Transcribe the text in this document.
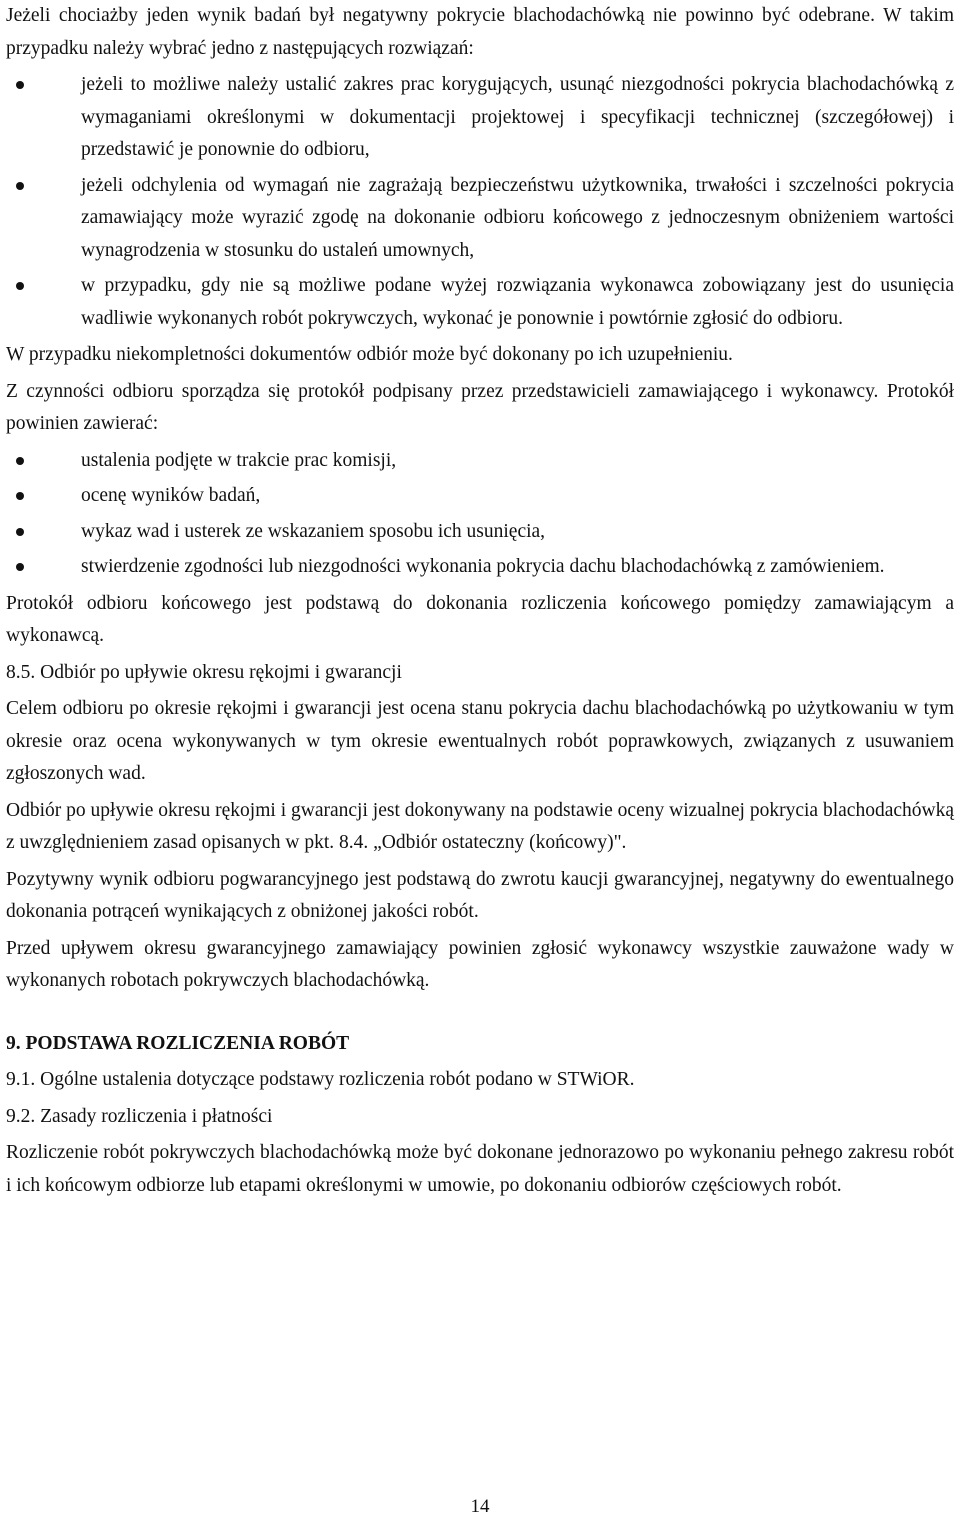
Jeżeli chociażby jeden wynik badań był negatywny pokrycie blachodachówką nie powinno być odebrane. W takim przypadku należy wybrać jedno z następujących rozwiązań:

jeżeli to możliwe należy ustalić zakres prac korygujących, usunąć niezgodności pokrycia blachodachówką z wymaganiami określonymi w dokumentacji projektowej i specyfikacji technicznej (szczegółowej) i przedstawić je ponownie do odbioru,
jeżeli odchylenia od wymagań nie zagrażają bezpieczeństwu użytkownika, trwałości i szczelności pokrycia zamawiający może wyrazić zgodę na dokonanie odbioru końcowego z jednoczesnym obniżeniem wartości wynagrodzenia w stosunku do ustaleń umownych,
w przypadku, gdy nie są możliwe podane wyżej rozwiązania wykonawca zobowiązany jest do usunięcia wadliwie wykonanych robót pokrywczych, wykonać je ponownie i powtórnie zgłosić do odbioru.

W przypadku niekompletności dokumentów odbiór może być dokonany po ich uzupełnieniu.

Z czynności odbioru sporządza się protokół podpisany przez przedstawicieli zamawiającego i wykonawcy. Protokół powinien zawierać:

ustalenia podjęte w trakcie prac komisji,
ocenę wyników badań,
wykaz wad i usterek ze wskazaniem sposobu ich usunięcia,
stwierdzenie zgodności lub niezgodności wykonania pokrycia dachu blachodachówką z zamówieniem.

Protokół odbioru końcowego jest podstawą do dokonania rozliczenia końcowego pomiędzy zamawiającym a wykonawcą.

8.5. Odbiór po upływie okresu rękojmi i gwarancji

Celem odbioru po okresie rękojmi i gwarancji jest ocena stanu pokrycia dachu blachodachówką po użytkowaniu w tym okresie oraz ocena wykonywanych w tym okresie ewentualnych robót poprawkowych, związanych z usuwaniem zgłoszonych wad.

Odbiór po upływie okresu rękojmi i gwarancji jest dokonywany na podstawie oceny wizualnej pokrycia blachodachówką z uwzględnieniem zasad opisanych w pkt. 8.4. „Odbiór ostateczny (końcowy)".

Pozytywny wynik odbioru pogwarancyjnego jest podstawą do zwrotu kaucji gwarancyjnej, negatywny do ewentualnego dokonania potrąceń wynikających z obniżonej jakości robót.

Przed upływem okresu gwarancyjnego zamawiający powinien zgłosić wykonawcy wszystkie zauważone wady w wykonanych robotach pokrywczych blachodachówką.

9. PODSTAWA ROZLICZENIA ROBÓT

9.1. Ogólne ustalenia dotyczące podstawy rozliczenia robót podano w STWiOR.

9.2. Zasady rozliczenia i płatności

Rozliczenie robót pokrywczych blachodachówką może być dokonane jednorazowo po wykonaniu pełnego zakresu robót i ich końcowym odbiorze lub etapami określonymi w umowie, po dokonaniu odbiorów częściowych robót.

14
